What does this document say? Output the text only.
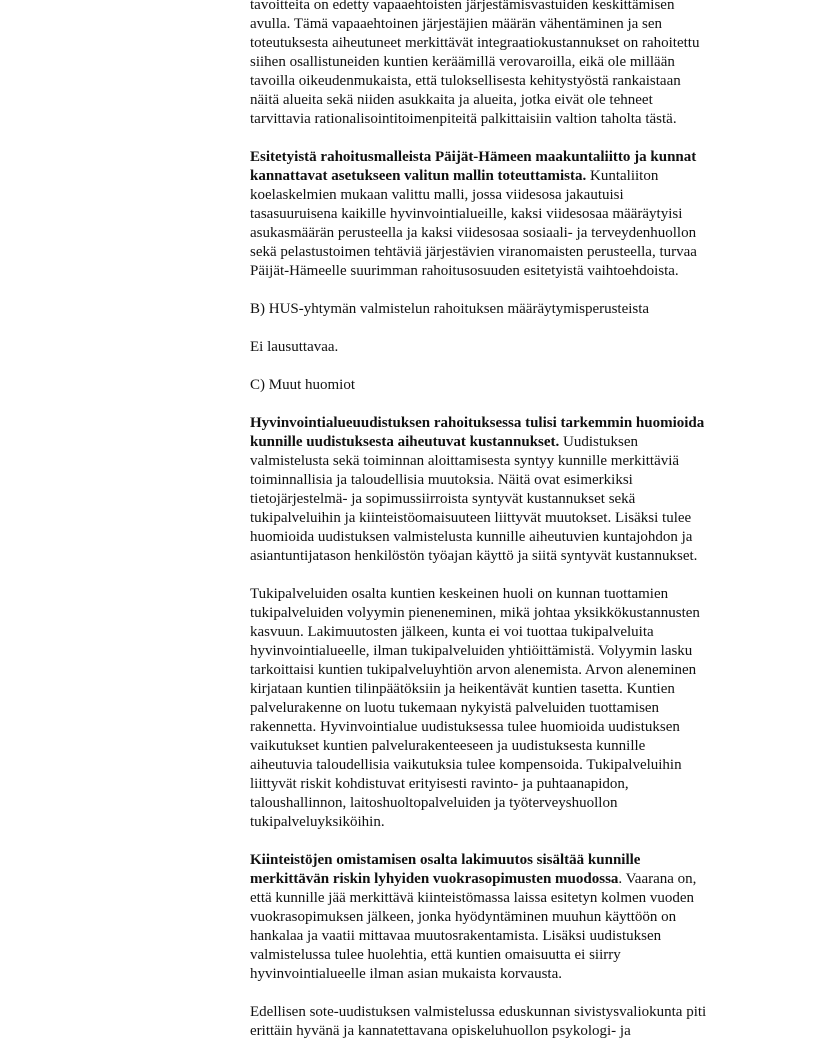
tavoitteita on edetty vapaaehtoisten järjestämisvastuiden keskittämisen
avulla. Tämä vapaaehtoinen järjestäjien määrän vähentäminen ja sen
toteutuksesta aiheutuneet merkittävät integraatiokustannukset on rahoitettu
siihen osallistuneiden kuntien keräämillä verovaroilla, eikä ole millään
tavoilla oikeudenmukaista, että tuloksellisesta kehitystyöstä rankaistaan
näitä alueita sekä niiden asukkaita ja alueita, jotka eivät ole tehneet
tarvittavia rationalisointitoimenpiteitä palkittaisiin valtion taholta tästä.
Esitetyistä rahoitusmalleista Päijät-Hämeen maakuntaliitto ja kunnat
kannattavat asetukseen valitun mallin toteuttamista. Kuntaliiton
koelaskelmien mukaan valittu malli, jossa viidesosa jakautuisi
tasasuuruisena kaikille hyvinvointialueille, kaksi viidesosaa määräytyisi
asukasmäärän perusteella ja kaksi viidesosaa sosiaali- ja terveydenhuollon
sekä pelastustoimen tehtäviä järjestävien viranomaisten perusteella, turvaa
Päijät-Hämeelle suurimman rahoitusosuuden esitetyistä vaihtoehdoista.
B) HUS-yhtymän valmistelun rahoituksen määräytymisperusteista
Ei lausuttavaa.
C) Muut huomiot
Hyvinvointialueuudistuksen rahoituksessa tulisi tarkemmin huomioida
kunnille uudistuksesta aiheutuvat kustannukset. Uudistuksen
valmistelusta sekä toiminnan aloittamisesta syntyy kunnille merkittäviä
toiminnallisia ja taloudellisia muutoksia. Näitä ovat esimerkiksi
tietojärjestelmä- ja sopimussiirroista syntyvät kustannukset sekä
tukipalveluihin ja kiinteistöomaisuuteen liittyvät muutokset. Lisäksi tulee
huomioida uudistuksen valmistelusta kunnille aiheutuvien kuntajohdon ja
asiantuntijatason henkilöstön työajan käyttö ja siitä syntyvät kustannukset.
Tukipalveluiden osalta kuntien keskeinen huoli on kunnan tuottamien
tukipalveluiden volyymin pieneneminen, mikä johtaa yksikkökustannusten
kasvuun. Lakimuutosten jälkeen, kunta ei voi tuottaa tukipalveluita
hyvinvointialueelle, ilman tukipalveluiden yhtiöittämistä. Volyymin lasku
tarkoittaisi kuntien tukipalveluyhtiön arvon alenemista. Arvon aleneminen
kirjataan kuntien tilinpäätöksiin ja heikentävät kuntien tasetta. Kuntien
palvelurakenne on luotu tukemaan nykyistä palveluiden tuottamisen
rakennetta. Hyvinvointialue uudistuksessa tulee huomioida uudistuksen
vaikutukset kuntien palvelurakenteeseen ja uudistuksesta kunnille
aiheutuvia taloudellisia vaikutuksia tulee kompensoida. Tukipalveluihin
liittyvät riskit kohdistuvat erityisesti ravinto- ja puhtaanapidon,
taloushallinnon, laitoshuoltopalveluiden ja työterveyshuollon
tukipalveluyksiköihin.
Kiinteistöjen omistamisen osalta lakimuutos sisältää kunnille
merkittävän riskin lyhyiden vuokrasopimusten muodossa. Vaarana on,
että kunnille jää merkittävä kiinteistömassa laissa esitetyn kolmen vuoden
vuokrasopimuksen jälkeen, jonka hyödyntäminen muuhun käyttöön on
hankalaa ja vaatii mittavaa muutosrakentamista. Lisäksi uudistuksen
valmistelussa tulee huolehtia, että kuntien omaisuutta ei siirry
hyvinvointialueelle ilman asian mukaista korvausta.
Edellisen sote-uudistuksen valmistelussa eduskunnan sivistysvaliokunta piti
erittäin hyvänä ja kannatettavana opiskeluhuollon psykologi- ja
